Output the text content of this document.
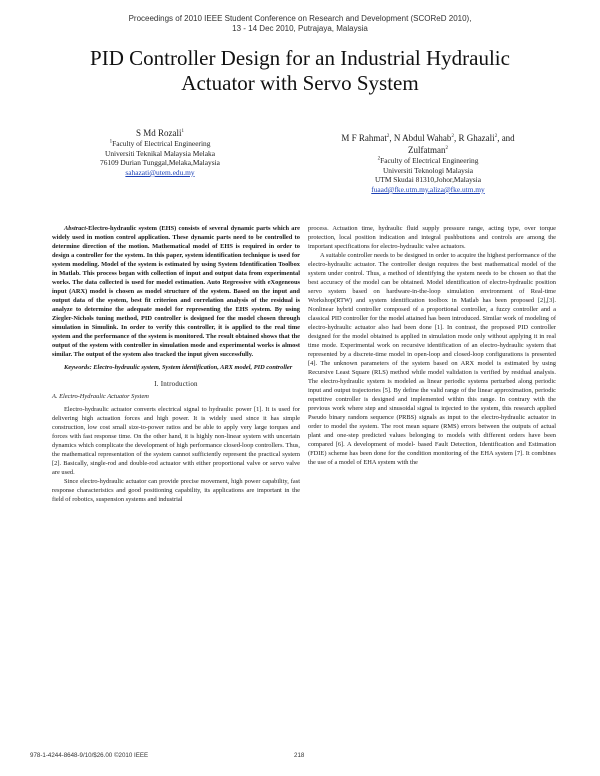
Proceedings of 2010 IEEE Student Conference on Research and Development (SCOReD 2010),
13 - 14 Dec 2010, Putrajaya, Malaysia
PID Controller Design for an Industrial Hydraulic
Actuator with Servo System
S Md Rozali$^1$
$^1$Faculty of Electrical Engineering
Universiti Teknikal Malaysia Melaka
76109 Durian Tunggal,Melaka,Malaysia
sahazati@utem.edu.my
M F Rahmat$^2$, N Abdul Wahab$^2$, R Ghazali$^2$, and
Zulfatman$^2$
$^2$Faculty of Electrical Engineering
Universiti Teknologi Malaysia
UTM Skudai 81310,Johor,Malaysia
fuaad@fke.utm.my,aliza@fke.utm.my

Abstract-Electro-hydraulic system (EHS) consists of several dynamic parts which are widely used in motion control application. These dynamic parts need to be controlled to determine direction of the motion. Mathematical model of EHS is required in order to design a controller for the system. In this paper, system identification technique is used for system modeling. Model of the system is estimated by using System Identification Toolbox in Matlab. This process began with collection of input and output data from experimental works. The data collected is used for model estimation. Auto Regressive with eXogeneous input (ARX) model is chosen as model structure of the system. Based on the input and output data of the system, best fit criterion and correlation analysis of the residual is analyze to determine the adequate model for representing the EHS system. By using Ziegler-Nichols tuning method, PID controller is designed for the model chosen through simulation in Simulink. In order to verify this controller, it is applied to the real time system and the performance of the system is monitored. The result obtained shows that the output of the system with controller in simulation mode and experimental works is almost similar. The output of the system also tracked the input given successfully.

Keywords: Electro-hydraulic system, System identification, ARX model, PID controller

I. Introduction

A. Electro-Hydraulic Actuator System

Electro-hydraulic actuator converts electrical signal to hydraulic power [1]. It is used for delivering high actuation forces and high power. It is widely used since it has simple construction, low cost small size-to-power ratios and be able to apply very large torques and forces with fast response time. On the other hand, it is highly non-linear system with uncertain dynamics which complicate the development of high performance closed-loop controllers. Thus, the mathematical representation of the system cannot sufficiently represent the practical system [2]. Basically, single-rod and double-rod actuator with either proportional valve or servo valve are used.

Since electro-hydraulic actuator can provide precise movement, high power capability, fast response characteristics and good positioning capability, its applications are important in the field of robotics, suspension systems and industrial

process. Actuation time, hydraulic fluid supply pressure range, acting type, over torque protection, local position indication and integral pushbuttons and controls are among the important specifications for electro-hydraulic valve actuators.

A suitable controller needs to be designed in order to acquire the highest performance of the electro-hydraulic actuator. The controller design requires the best mathematical model of the system under control. Thus, a method of identifying the system needs to be chosen so that the best accuracy of the model can be obtained. Model identification of electro-hydraulic position servo system based on hardware-in-the-loop simulation environment of Real-time Workshop(RTW) and system identification toolbox in Matlab has been proposed [2],[3]. Nonlinear hybrid controller composed of a proportional controller, a fuzzy controller and a classical PID controller for the model attained has been introduced. Similar work of modeling of electro-hydraulic actuator also had been done [1]. In contrast, the proposed PID controller designed for the model obtained is applied in simulation mode only without applying it in real time mode. Experimental work on recursive identification of an electro-hydraulic system that represented by a discrete-time model in open-loop and closed-loop configurations is presented [4]. The unknown parameters of the system based on ARX model is estimated by using Recursive Least Square (RLS) method while model validation is verified by residual analysis. The electro-hydraulic system is modeled as linear periodic systems perturbed along periodic input and output trajectories [5]. By define the valid range of the linear approximation, periodic repetitive controller is designed and implemented within this range. In contrary with the previous work where step and sinusoidal signal is injected to the system, this research applied Pseudo binary random sequence (PRBS) signals as input to the electro-hydraulic actuator in order to model the system. The root mean square (RMS) errors between the outputs of actual plant and one-step predicted values belonging to models with different orders have been compared [6]. A development of model- based Fault Detection, Identification and Estimation (FDIE) scheme has been done for the condition monitoring of the EHA system [7]. It combines the use of a model of EHA system with the

978-1-4244-8648-9/10/$26.00 ©2010 IEEE	218
